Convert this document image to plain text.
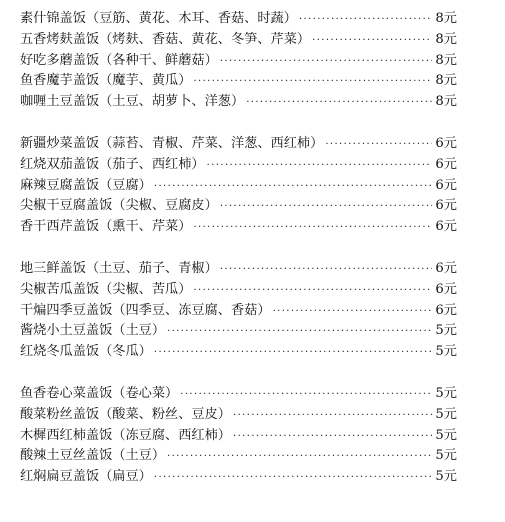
素什锦盖饭（豆筋、黄花、木耳、香菇、时蔬） ·····	8元
五香烤麸盖饭（烤麸、香菇、黄花、冬笋、芹菜） ·····	8元
好吃多蘑盖饭（各种干、鲜蘑菇） ·····	8元
鱼香魔芋盖饭（魔芋、黄瓜） ·····	8元
咖喱土豆盖饭（土豆、胡萝卜、洋葱） ·····	8元
新疆炒菜盖饭（蒜苔、青椒、芹菜、洋葱、西红柿） ·····	6元
红烧双茄盖饭（茄子、西红柿） ·····	6元
麻辣豆腐盖饭（豆腐） ·····	6元
尖椒干豆腐盖饭（尖椒、豆腐皮） ·····	6元
香干西芹盖饭（熏干、芹菜） ·····	6元
地三鲜盖饭（土豆、茄子、青椒） ·····	6元
尖椒苦瓜盖饭（尖椒、苦瓜） ·····	6元
干煸四季豆盖饭（四季豆、冻豆腐、香菇） ·····	6元
酱烧小土豆盖饭（土豆） ·····	5元
红烧冬瓜盖饭（冬瓜） ·····	5元
鱼香卷心菜盖饭（卷心菜） ·····	5元
酸菜粉丝盖饭（酸菜、粉丝、豆皮） ·····	5元
木樨西红柿盖饭（冻豆腐、西红柿） ·····	5元
酸辣土豆丝盖饭（土豆） ·····	5元
红焖扁豆盖饭（扁豆） ·····	5元
